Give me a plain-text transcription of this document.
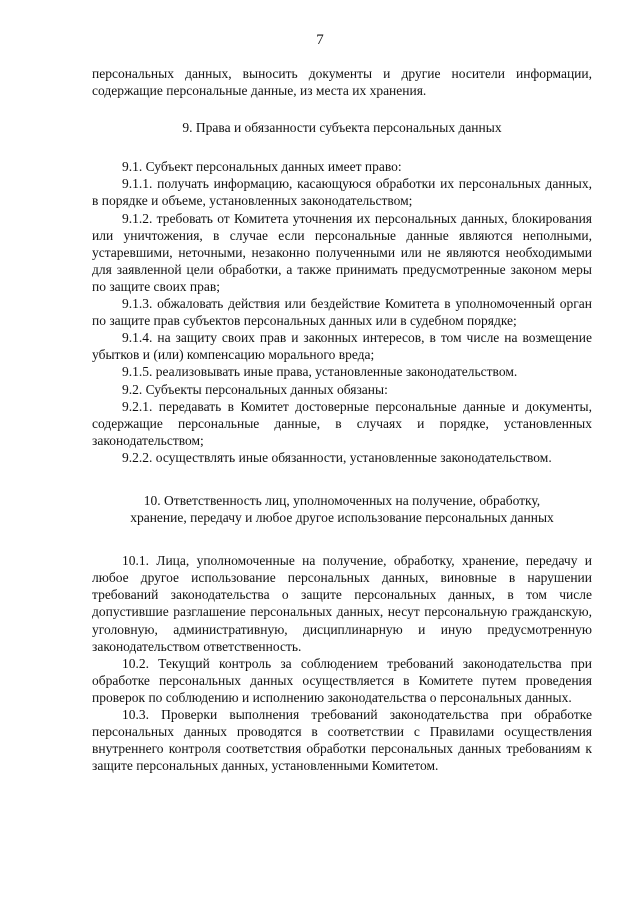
7

персональных данных, выносить документы и другие носители информации, содержащие персональные данные, из места их хранения.

9. Права и обязанности субъекта персональных данных

9.1. Субъект персональных данных имеет право:

9.1.1. получать информацию, касающуюся обработки их персональных данных, в порядке и объеме, установленных законодательством;

9.1.2. требовать от Комитета уточнения их персональных данных, блокирования или уничтожения, в случае если персональные данные являются неполными, устаревшими, неточными, незаконно полученными или не являются необходимыми для заявленной цели обработки, а также принимать предусмотренные законом меры по защите своих прав;

9.1.3. обжаловать действия или бездействие Комитета в уполномоченный орган по защите прав субъектов персональных данных или в судебном порядке;

9.1.4. на защиту своих прав и законных интересов, в том числе на возмещение убытков и (или) компенсацию морального вреда;

9.1.5. реализовывать иные права, установленные законодательством.

9.2. Субъекты персональных данных обязаны:

9.2.1. передавать в Комитет достоверные персональные данные и документы, содержащие персональные данные, в случаях и порядке, установленных законодательством;

9.2.2. осуществлять иные обязанности, установленные законодательством.

10. Ответственность лиц, уполномоченных на получение, обработку,

хранение, передачу и любое другое использование персональных данных

10.1. Лица, уполномоченные на получение, обработку, хранение, передачу и любое другое использование персональных данных, виновные в нарушении требований законодательства о защите персональных данных, в том числе допустившие разглашение персональных данных, несут персональную гражданскую, уголовную, административную, дисциплинарную и иную предусмотренную законодательством ответственность.

10.2. Текущий контроль за соблюдением требований законодательства при обработке персональных данных осуществляется в Комитете путем проведения проверок по соблюдению и исполнению законодательства о персональных данных.

10.3. Проверки выполнения требований законодательства при обработке персональных данных проводятся в соответствии с Правилами осуществления внутреннего контроля соответствия обработки персональных данных требованиям к защите персональных данных, установленными Комитетом.
